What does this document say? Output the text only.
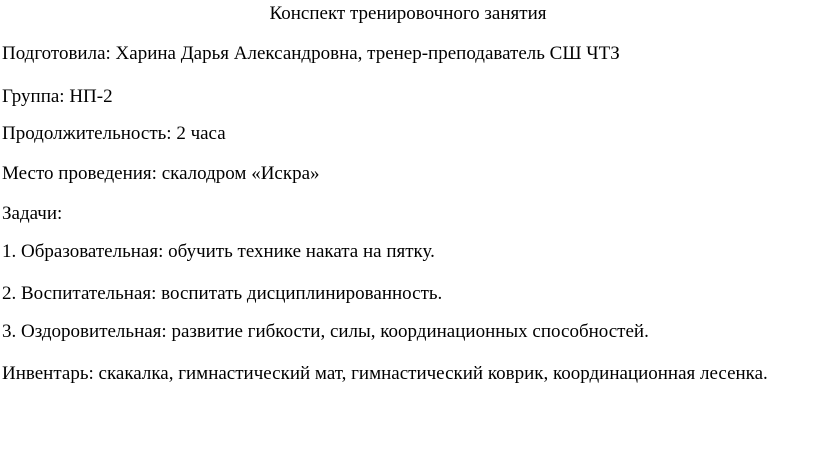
Конспект тренировочного занятия
Подготовила: Харина Дарья Александровна, тренер-преподаватель СШ ЧТЗ
Группа: НП-2
Продолжительность: 2 часа
Место проведения: скалодром «Искра»
Задачи:
1. Образовательная: обучить технике наката на пятку.
2. Воспитательная: воспитать дисциплинированность.
3. Оздоровительная: развитие гибкости, силы, координационных способностей.
Инвентарь: скакалка, гимнастический мат, гимнастический коврик, координационная лесенка.
